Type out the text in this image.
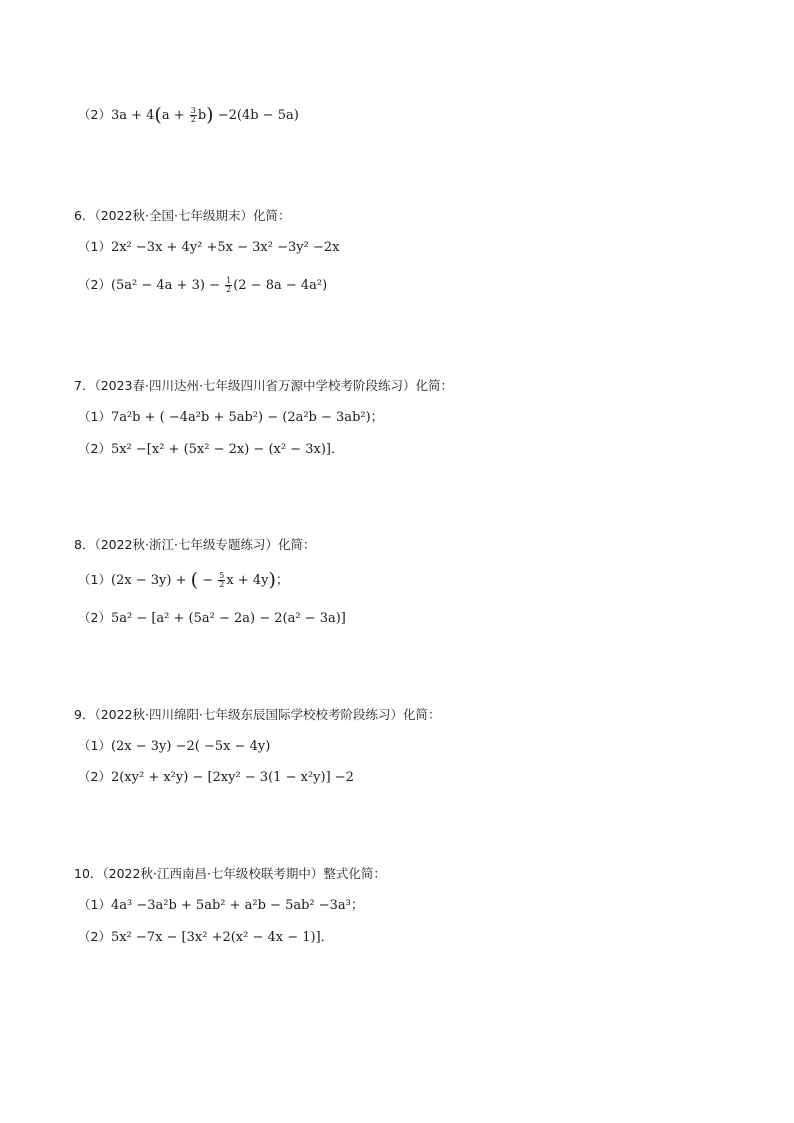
$(2)3a + 4(a + \frac{3}{2} b) -2(4b - 5a)$
6．（2022秋·全国·七年级期末）化简：
（1）2x² −3x + 4y² +5x − 3x² −3y² −2x
$(2)(5a^2 - 4a + 3) - \frac{1}{2} (2 - 8a - 4a^2)$
7．（2023春·四川达州·七年级四川省万源中学校考阶段练习）化简：
（1）7a²b + ( −4a²b + 5ab²) − (2a²b − 3ab²)；
（2）5x² −[x² + (5x² − 2x) − (x² − 3x)]．
8．（2022秋·浙江·七年级专题练习）化简：
（1）(2x − 3y) + ( − $\frac{5}{2}$ x + 4y)；
（2）5a² − [a² + (5a² − 2a) − 2(a² − 3a)]
9．（2022秋·四川绵阳·七年级东辰国际学校校考阶段练习）化简：
（1）(2x − 3y) −2( −5x − 4y)
（2）2(xy² + x²y) − [2xy² − 3(1 − x²y)] −2
10．（2022秋·江西南昌·七年级校联考期中）整式化简：
（1）4a³ −3a²b + 5ab² + a²b − 5ab² −3a³；
（2）5x² −7x − [3x² +2(x² − 4x − 1)]．
